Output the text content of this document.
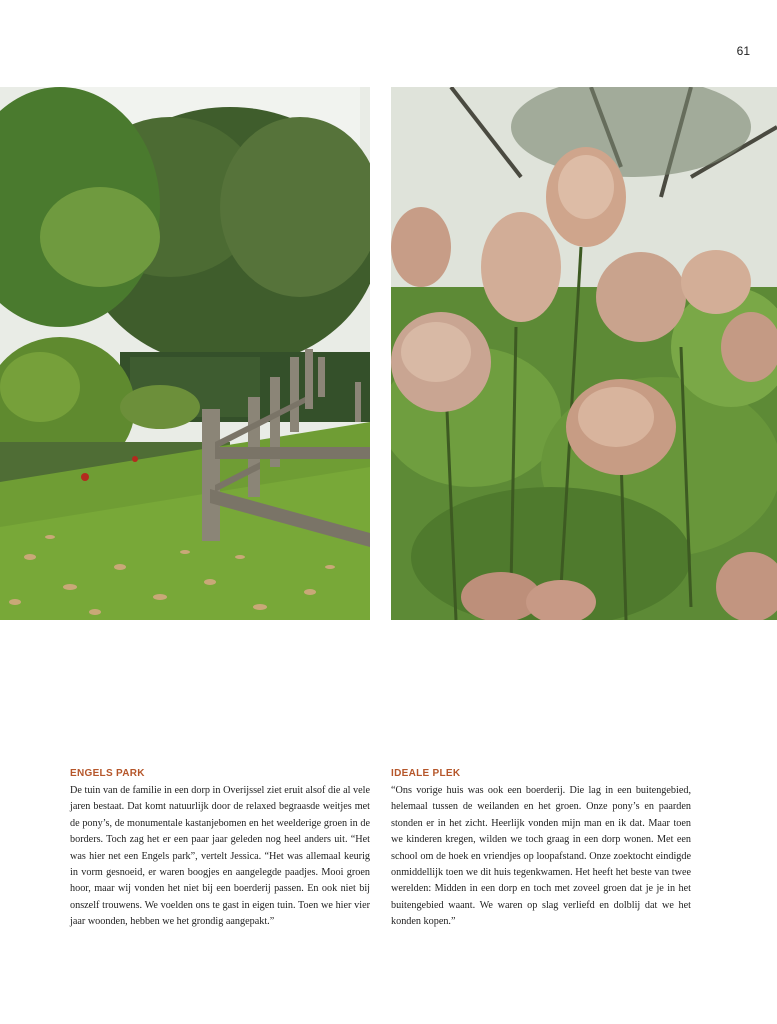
61

ENGELS PARK

De tuin van de familie in een dorp in Overijssel ziet eruit alsof die al vele jaren bestaat. Dat komt natuurlijk door de relaxed begraasde weitjes met de pony’s, de monumentale kastanjebomen en het weelderige groen in de borders. Toch zag het er een paar jaar geleden nog heel anders uit. “Het was hier net een Engels park”, vertelt Jessica. “Het was allemaal keurig in vorm gesnoeid, er waren boogjes en aangelegde paadjes. Mooi groen hoor, maar wij vonden het niet bij een boerderij passen. En ook niet bij onszelf trouwens. We voelden ons te gast in eigen tuin. Toen we hier vier jaar woonden, hebben we het grondig aangepakt.”

IDEALE PLEK

“Ons vorige huis was ook een boerderij. Die lag in een buitengebied, helemaal tussen de weilanden en het groen. Onze pony’s en paarden stonden er in het zicht. Heerlijk vonden mijn man en ik dat. Maar toen we kinderen kregen, wilden we toch graag in een dorp wonen. Met een school om de hoek en vriendjes op loopafstand. Onze zoektocht eindigde onmiddellijk toen we dit huis tegenkwamen. Het heeft het beste van twee werelden: Midden in een dorp en toch met zoveel groen dat je je in het buitengebied waant. We waren op slag verliefd en dolblij dat we het konden kopen.”
